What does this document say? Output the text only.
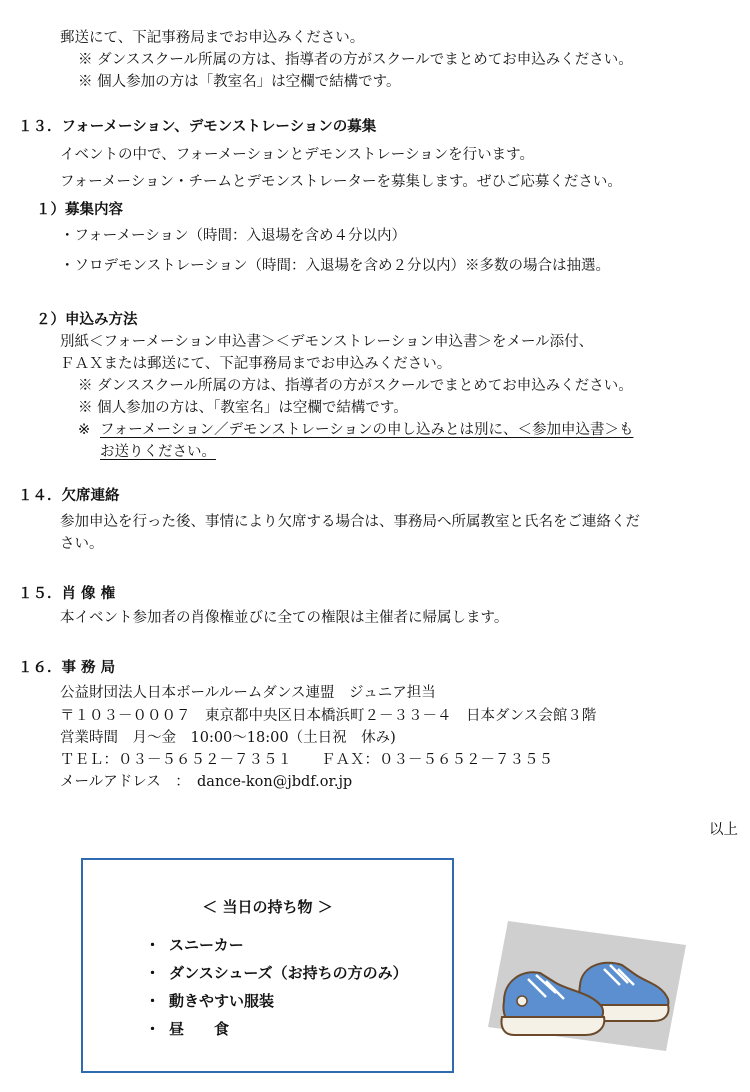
郵送にて、下記事務局までお申込みください。
※ ダンススクール所属の方は、指導者の方がスクールでまとめてお申込みください。
※ 個人参加の方は「教室名」は空欄で結構です。
１３．フォーメーション、デモンストレーションの募集
イベントの中で、フォーメーションとデモンストレーションを行います。
フォーメーション・チームとデモンストレーターを募集します。ぜひご応募ください。
１）募集内容
・フォーメーション（時間：入退場を含め４分以内）
・ソロデモンストレーション（時間：入退場を含め２分以内）※多数の場合は抽選。
２）申込み方法
別紙＜フォーメーション申込書＞＜デモンストレーション申込書＞をメール添付、
ＦＡＸまたは郵送にて、下記事務局までお申込みください。
※ ダンススクール所属の方は、指導者の方がスクールでまとめてお申込みください。
※ 個人参加の方は、「教室名」は空欄で結構です。
※ フォーメーション／デモンストレーションの申し込みとは別に、＜参加申込書＞も
お送りください。
１４．欠席連絡
参加申込を行った後、事情により欠席する場合は、事務局へ所属教室と氏名をご連絡くだ
さい。
１５．肖 像 権
本イベント参加者の肖像権並びに全ての権限は主催者に帰属します。
１６．事 務 局
公益財団法人日本ボールルームダンス連盟　ジュニア担当
〒１０３－０００７　東京都中央区日本橋浜町２－３３－４　日本ダンス会館３階
営業時間　月～金　10:00～18:00（土日祝　休み)
ＴＥＬ：０３－５６５２－７３５１　　ＦＡＸ：０３－５６５２－７３５５
メールアドレス　：　dance-kon@jbdf.or.jp
以上
＜ 当日の持ち物 ＞
・ スニーカー
・ ダンスシューズ（お持ちの方のみ）
・ 動きやすい服装
・ 昼　　食
